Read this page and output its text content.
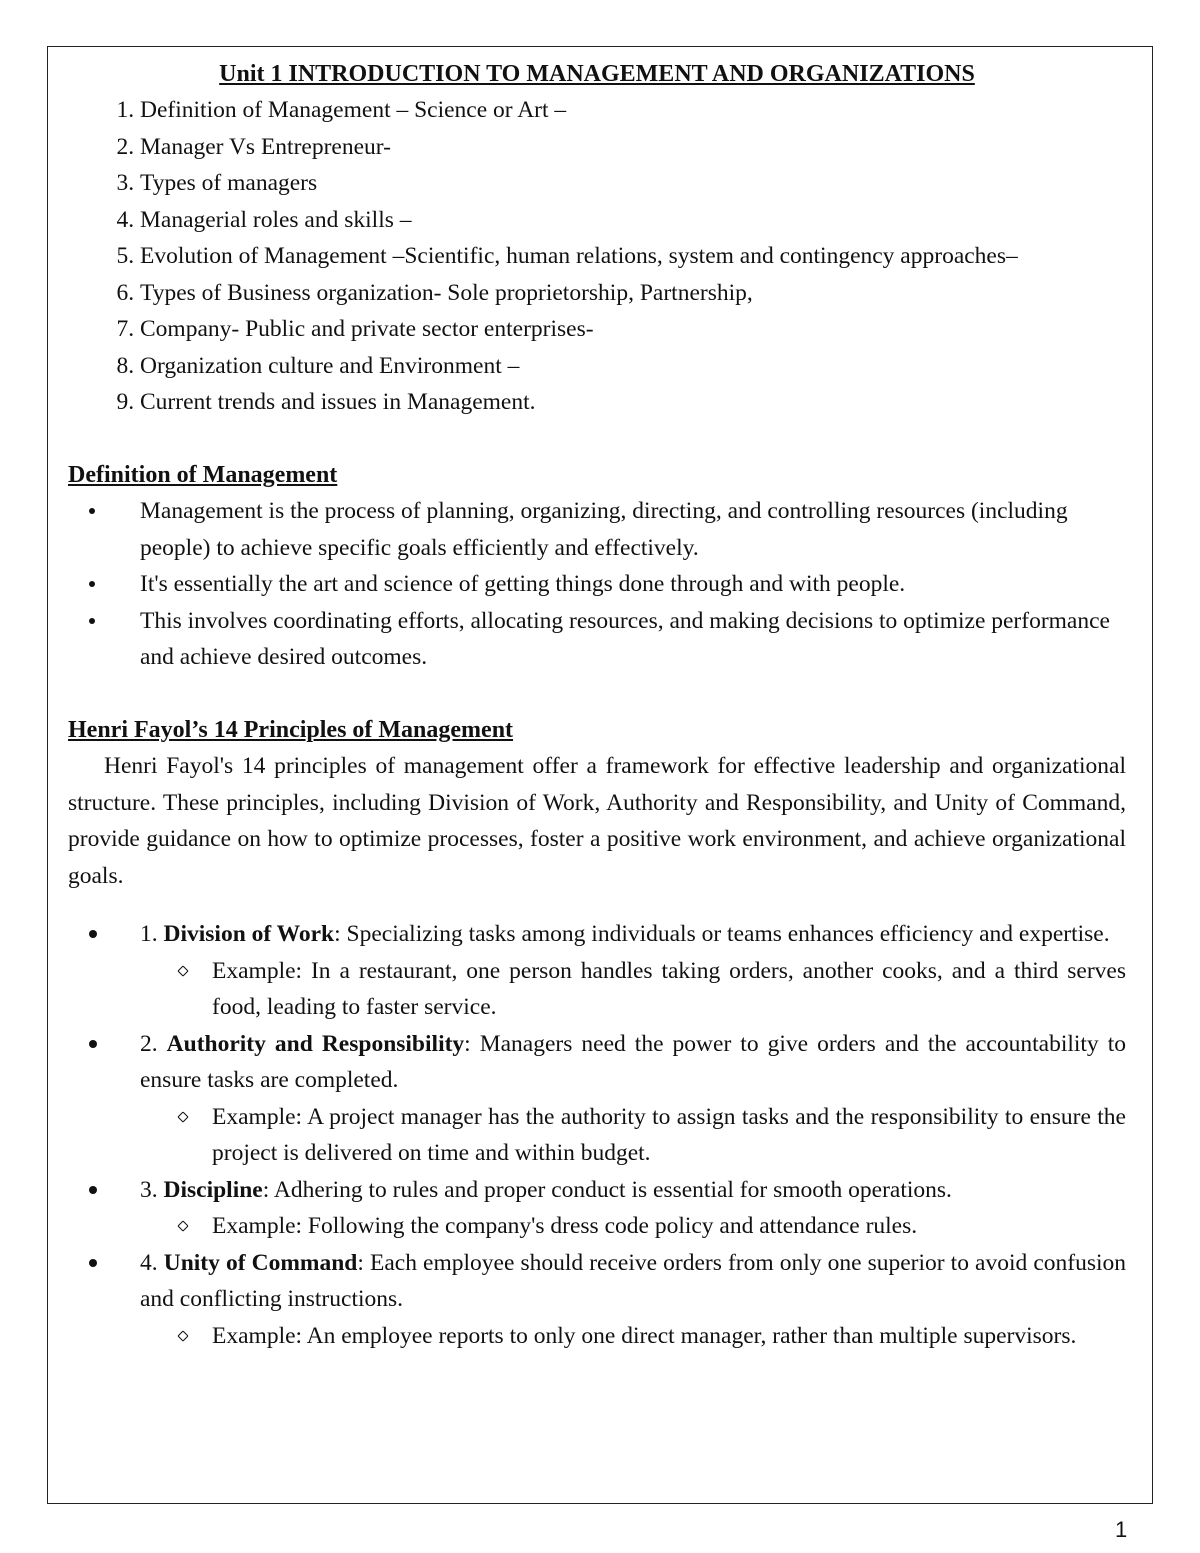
Unit 1 INTRODUCTION TO MANAGEMENT AND ORGANIZATIONS
1. Definition of Management – Science or Art –
2. Manager Vs Entrepreneur-
3. Types of managers
4. Managerial roles and skills –
5. Evolution of Management –Scientific, human relations, system and contingency approaches–
6. Types of Business organization- Sole proprietorship, Partnership,
7. Company- Public and private sector enterprises-
8. Organization culture and Environment –
9. Current trends and issues in Management.
Definition of Management
Management is the process of planning, organizing, directing, and controlling resources (including people) to achieve specific goals efficiently and effectively.
It's essentially the art and science of getting things done through and with people.
This involves coordinating efforts, allocating resources, and making decisions to optimize performance and achieve desired outcomes.
Henri Fayol’s 14 Principles of Management

Henri Fayol's 14 principles of management offer a framework for effective leadership and organizational structure. These principles, including Division of Work, Authority and Responsibility, and Unity of Command, provide guidance on how to optimize processes, foster a positive work environment, and achieve organizational goals.

1. Division of Work: Specializing tasks among individuals or teams enhances efficiency and expertise.
Example: In a restaurant, one person handles taking orders, another cooks, and a third serves food, leading to faster service.
2. Authority and Responsibility: Managers need the power to give orders and the accountability to ensure tasks are completed.
Example: A project manager has the authority to assign tasks and the responsibility to ensure the project is delivered on time and within budget.
3. Discipline: Adhering to rules and proper conduct is essential for smooth operations.
Example: Following the company's dress code policy and attendance rules.
4. Unity of Command: Each employee should receive orders from only one superior to avoid confusion and conflicting instructions.
Example: An employee reports to only one direct manager, rather than multiple supervisors.
1
